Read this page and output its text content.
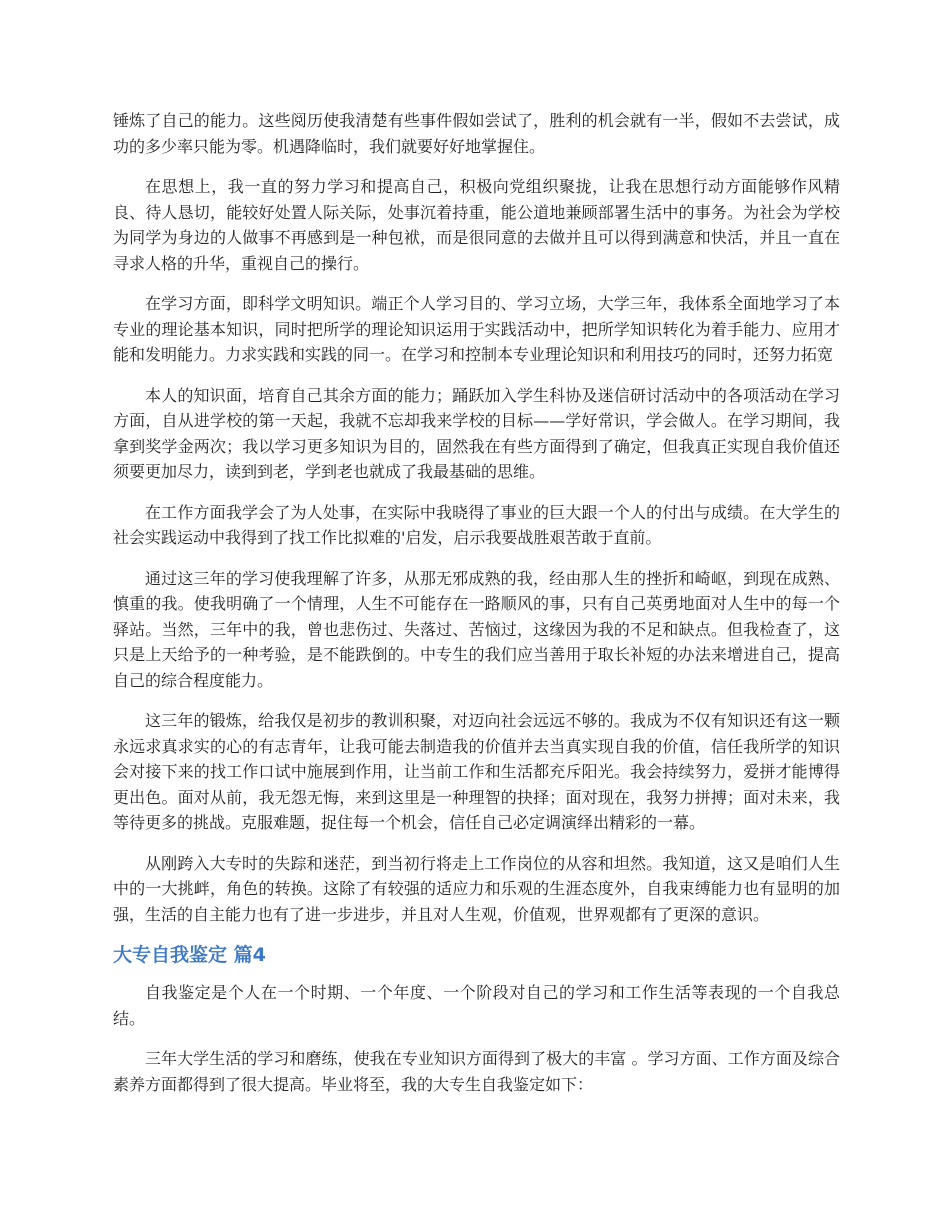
锤炼了自己的能力。这些阅历使我清楚有些事件假如尝试了，胜利的机会就有一半，假如不去尝试，成功的多少率只能为零。机遇降临时，我们就要好好地掌握住。

在思想上，我一直的努力学习和提高自己，积极向党组织聚拢，让我在思想行动方面能够作风精良、待人恳切，能较好处置人际关际，处事沉着持重，能公道地兼顾部署生活中的事务。为社会为学校为同学为身边的人做事不再感到是一种包袱，而是很同意的去做并且可以得到满意和快活，并且一直在寻求人格的升华，重视自己的操行。

在学习方面，即科学文明知识。端正个人学习目的、学习立场，大学三年，我体系全面地学习了本专业的理论基本知识，同时把所学的理论知识运用于实践活动中，把所学知识转化为着手能力、应用才能和发明能力。力求实践和实践的同一。在学习和控制本专业理论知识和利用技巧的同时，还努力拓宽

本人的知识面，培育自己其余方面的能力；踊跃加入学生科协及迷信研讨活动中的各项活动在学习方面，自从进学校的第一天起，我就不忘却我来学校的目标——学好常识，学会做人。在学习期间，我拿到奖学金两次；我以学习更多知识为目的，固然我在有些方面得到了确定，但我真正实现自我价值还须要更加尽力，读到到老，学到老也就成了我最基础的思维。

在工作方面我学会了为人处事，在实际中我晓得了事业的巨大跟一个人的付出与成绩。在大学生的社会实践运动中我得到了找工作比拟难的'启发，启示我要战胜艰苦敢于直前。

通过这三年的学习使我理解了许多，从那无邪成熟的我，经由那人生的挫折和崎岖，到现在成熟、慎重的我。使我明确了一个情理，人生不可能存在一路顺风的事，只有自己英勇地面对人生中的每一个驿站。当然，三年中的我，曾也悲伤过、失落过、苦恼过，这缘因为我的不足和缺点。但我检查了，这只是上天给予的一种考验，是不能跌倒的。中专生的我们应当善用于取长补短的办法来增进自己，提高自己的综合程度能力。

这三年的锻炼，给我仅是初步的教训积聚，对迈向社会远远不够的。我成为不仅有知识还有这一颗永远求真求实的心的有志青年，让我可能去制造我的价值并去当真实现自我的价值，信任我所学的知识会对接下来的找工作口试中施展到作用，让当前工作和生活都充斥阳光。我会持续努力，爱拼才能博得更出色。面对从前，我无怨无悔，来到这里是一种理智的抉择；面对现在，我努力拼搏；面对未来，我等待更多的挑战。克服难题，捉住每一个机会，信任自己必定调演绎出精彩的一幕。

从刚跨入大专时的失踪和迷茫，到当初行将走上工作岗位的从容和坦然。我知道，这又是咱们人生中的一大挑衅，角色的转换。这除了有较强的适应力和乐观的生涯态度外，自我束缚能力也有显明的加强，生活的自主能力也有了进一步进步，并且对人生观，价值观，世界观都有了更深的意识。

大专自我鉴定 篇4

自我鉴定是个人在一个时期、一个年度、一个阶段对自己的学习和工作生活等表现的一个自我总结。

三年大学生活的学习和磨练，使我在专业知识方面得到了极大的丰富 。学习方面、工作方面及综合素养方面都得到了很大提高。毕业将至，我的大专生自我鉴定如下：
